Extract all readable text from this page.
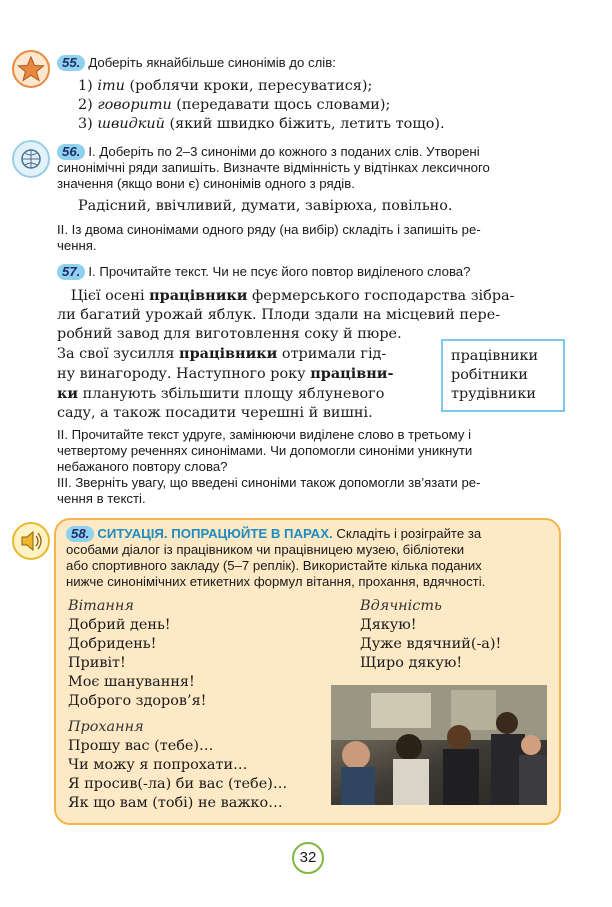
55. Доберіть якнайбільше синонімів до слів:
1) іти (роблячи кроки, пересуватися);
2) говорити (передавати щось словами);
3) швидкий (який швидко біжить, летить тощо).
56. І. Доберіть по 2–3 синоніми до кожного з поданих слів. Утворені
синонімічні ряди запишіть. Визначте відмінність у відтінках лексичного
значення (якщо вони є) синонімів одного з рядів.
Радісний, ввічливий, думати, завірюха, повільно.
ІІ. Із двома синонімами одного ряду (на вибір) складіть і запишіть ре-
чення.
57. І. Прочитайте текст. Чи не псує його повтор виділеного слова?
Цієї осені працівники фермерського господарства зібра-
ли багатий урожай яблук. Плоди здали на місцевий пере-
робний завод для виготовлення соку й пюре.
За свої зусилля працівники отримали гід-
ну винагороду. Наступного року працівни-
ки планують збільшити площу яблуневого
саду, а також посадити черешні й вишні.
працівники
робітники
трудівники
ІІ. Прочитайте текст удруге, замінюючи виділене слово в третьому і
четвертому реченнях синонімами. Чи допомогли синоніми уникнути
небажаного повтору слова?
ІІІ. Зверніть увагу, що введені синоніми також допомогли зв’язати ре-
чення в тексті.
58. СИТУАЦІЯ. ПОПРАЦЮЙТЕ В ПАРАХ. Складіть і розіграйте за
особами діалог із працівником чи працівницею музею, бібліотеки
або спортивного закладу (5–7 реплік). Використайте кілька поданих
нижче синонімічних етикетних формул вітання, прохання, вдячності.
Вітання
Добрий день!
Добридень!
Привіт!
Моє шанування!
Доброго здоров’я!
Прохання
Прошу вас (тебе)…
Чи можу я попрохати…
Я просив(-ла) би вас (тебе)…
Як що вам (тобі) не важко…
Вдячність
Дякую!
Дуже вдячний(-а)!
Щиро дякую!
32
